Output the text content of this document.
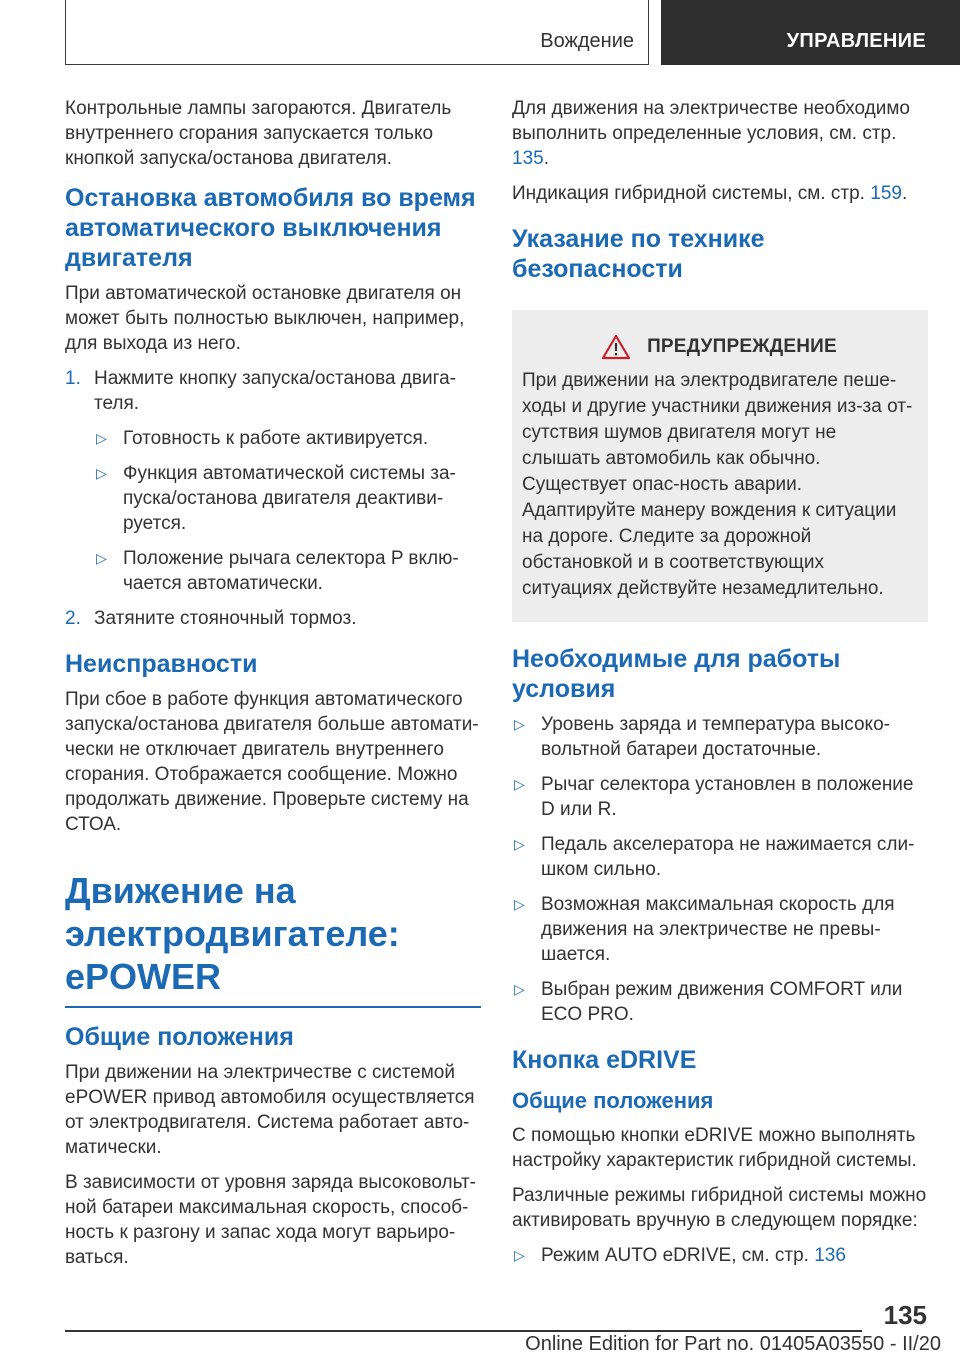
Вождение	УПРАВЛЕНИЕ

Контрольные лампы загораются. Двигатель внутреннего сгорания запускается только кнопкой запуска/останова двигателя.

Остановка автомобиля во время автоматического выключения двигателя

При автоматической остановке двигателя он может быть полностью выключен, например, для выхода из него.

1. Нажмите кнопку запуска/останова двига-теля.
▷ Готовность к работе активируется.
▷ Функция автоматической системы за-пуска/останова двигателя деактиви-руется.
▷ Положение рычага селектора P вклю-чается автоматически.
2. Затяните стояночный тормоз.
Неисправности

При сбое в работе функция автоматического запуска/останова двигателя больше автомати-чески не отключает двигатель внутреннего сгорания. Отображается сообщение. Можно продолжать движение. Проверьте систему на СТОА.

Движение на электродвигателе: ePOWER
Общие положения

При движении на электричестве с системой ePOWER привод автомобиля осуществляется от электродвигателя. Система работает авто-матически.

В зависимости от уровня заряда высоковольт-ной батареи максимальная скорость, способ-ность к разгону и запас хода могут варьиро-ваться.

Для движения на электричестве необходимо выполнить определенные условия, см. стр. 135.

Индикация гибридной системы, см. стр. 159.

Указание по технике безопасности
ПРЕДУПРЕЖДЕНИЕ

При движении на электродвигателе пеше-ходы и другие участники движения из-за от-сутствия шумов двигателя могут не слышать автомобиль как обычно. Существует опас-ность аварии. Адаптируйте манеру вождения к ситуации на дороге. Следите за дорожной обстановкой и в соответствующих ситуациях действуйте незамедлительно.

Необходимые для работы условия
▷ Уровень заряда и температура высоко-вольтной батареи достаточные.
▷ Рычаг селектора установлен в положение D или R.
▷ Педаль акселератора не нажимается сли-шком сильно.
▷ Возможная максимальная скорость для движения на электричестве не превы-шается.
▷ Выбран режим движения COMFORT или ECO PRO.
Кнопка eDRIVE
Общие положения

С помощью кнопки eDRIVE можно выполнять настройку характеристик гибридной системы.

Различные режимы гибридной системы можно активировать вручную в следующем порядке:

▷ Режим AUTO eDRIVE, см. стр. 136
135
Online Edition for Part no. 01405A03550 - II/20
